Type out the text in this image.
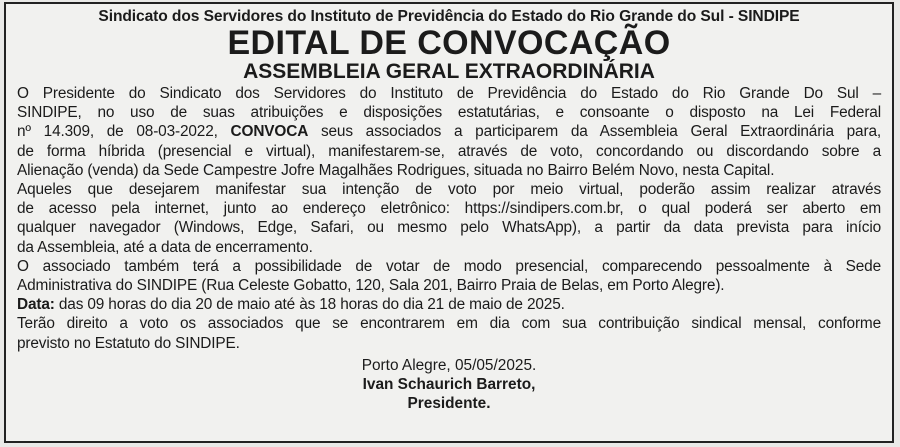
Sindicato dos Servidores do Instituto de Previdência do Estado do Rio Grande do Sul - SINDIPE
EDITAL DE CONVOCAÇÃO
ASSEMBLEIA GERAL EXTRAORDINÁRIA
O Presidente do Sindicato dos Servidores do Instituto de Previdência do Estado do Rio Grande Do Sul –
SINDIPE, no uso de suas atribuições e disposições estatutárias, e consoante o disposto na Lei Federal
nº 14.309, de 08-03-2022, CONVOCA seus associados a participarem da Assembleia Geral Extraordinária para,
de forma híbrida (presencial e virtual), manifestarem-se, através de voto, concordando ou discordando sobre a
Alienação (venda) da Sede Campestre Jofre Magalhães Rodrigues, situada no Bairro Belém Novo, nesta Capital.
Aqueles que desejarem manifestar sua intenção de voto por meio virtual, poderão assim realizar através
de acesso pela internet, junto ao endereço eletrônico: https://sindipers.com.br, o qual poderá ser aberto em
qualquer navegador (Windows, Edge, Safari, ou mesmo pelo WhatsApp), a partir da data prevista para início
da Assembleia, até a data de encerramento.
O associado também terá a possibilidade de votar de modo presencial, comparecendo pessoalmente à Sede
Administrativa do SINDIPE (Rua Celeste Gobatto, 120, Sala 201, Bairro Praia de Belas, em Porto Alegre).
Data: das 09 horas do dia 20 de maio até às 18 horas do dia 21 de maio de 2025.
Terão direito a voto os associados que se encontrarem em dia com sua contribuição sindical mensal, conforme
previsto no Estatuto do SINDIPE.
Porto Alegre, 05/05/2025.
Ivan Schaurich Barreto,
Presidente.
